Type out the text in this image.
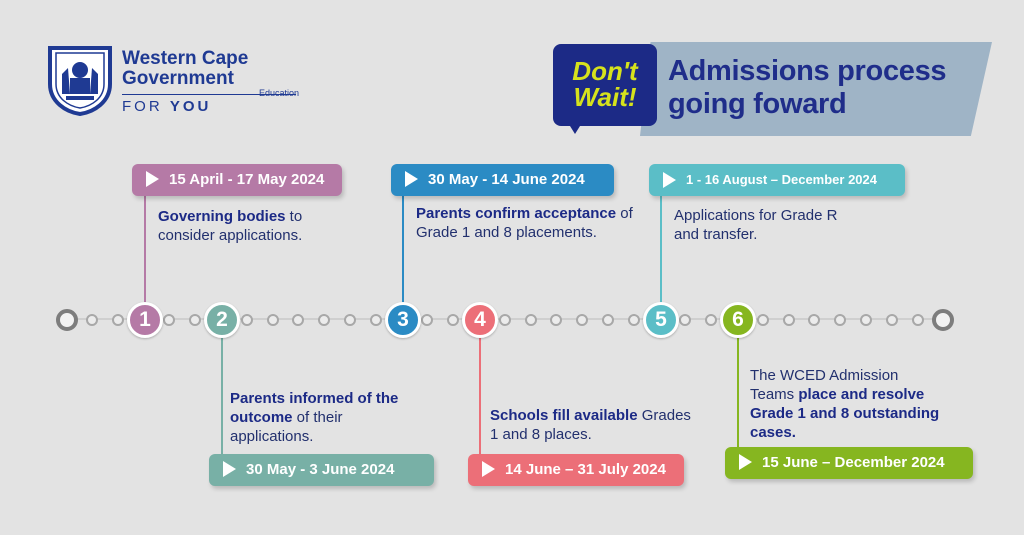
Western Cape
Government
FOR YOU
Education
Don't
Wait!
Admissions process
going foward
1	2	3	4	5	6
15 April - 17 May 2024
30 May - 3 June 2024
30 May - 14 June 2024
14 June – 31 July 2024
1 - 16 August – December 2024
15 June – December 2024
Governing bodies to consider applications.
Parents informed of the outcome of their applications.
Parents confirm acceptance of Grade 1 and 8 placements.
Schools fill available Grades 1 and 8 places.
Applications for Grade R and transfer.
The WCED Admission Teams place and resolve Grade 1 and 8 outstanding cases.
